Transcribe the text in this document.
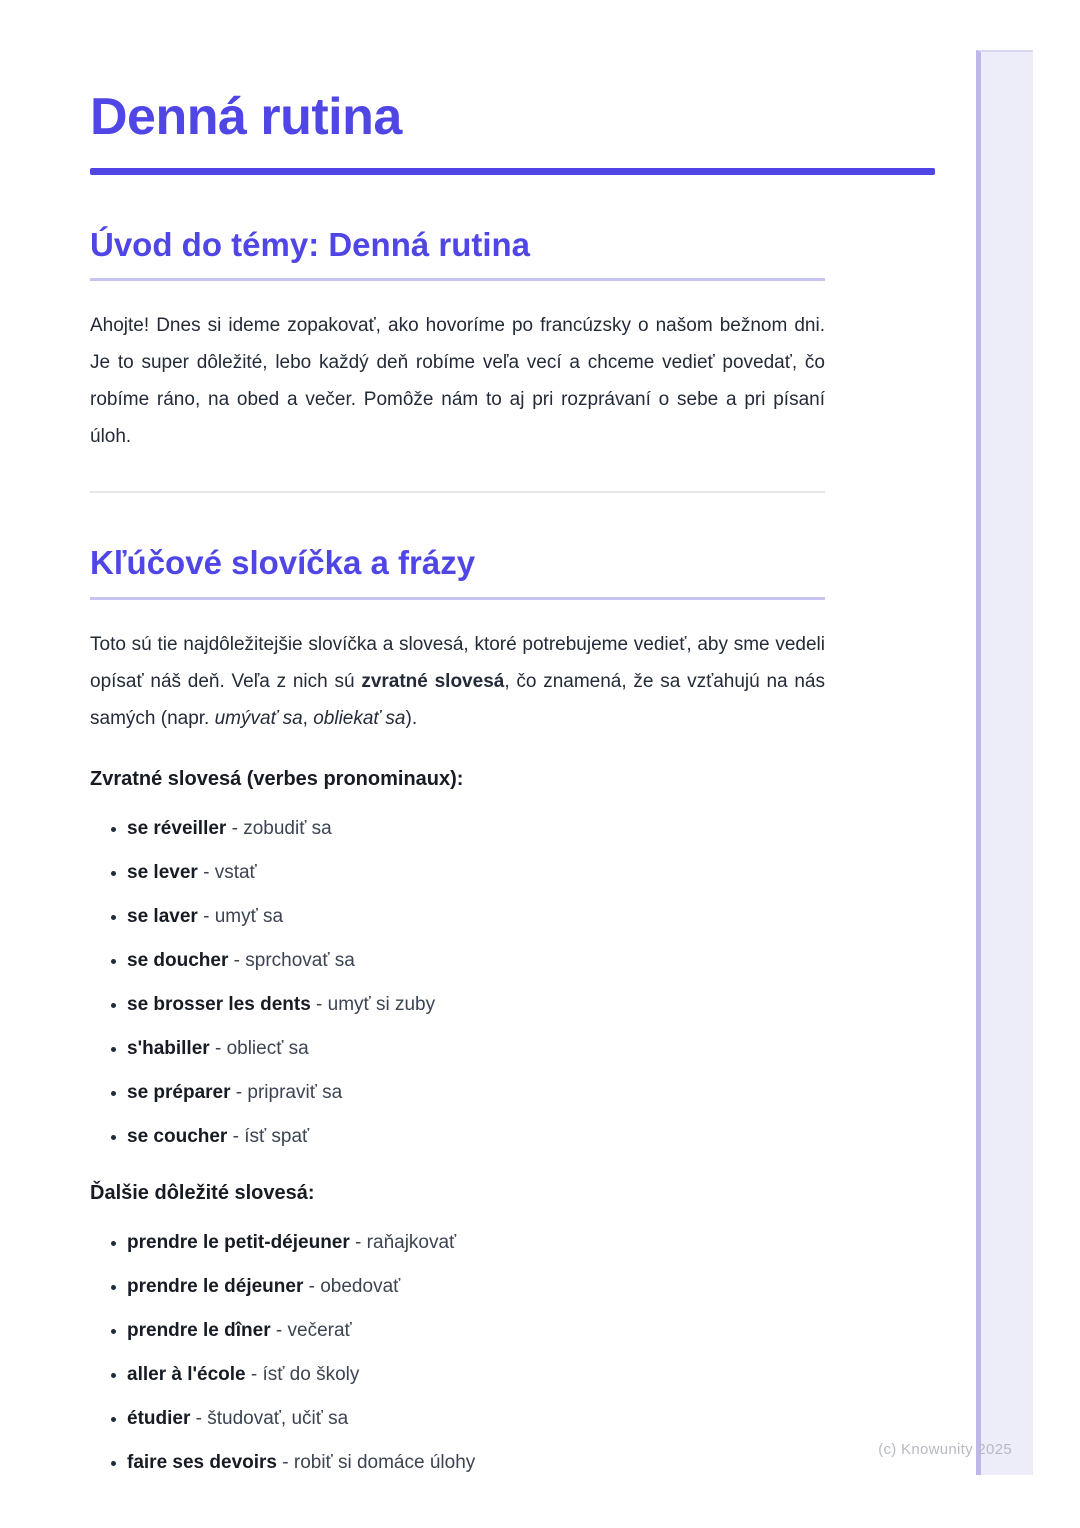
(c) Knowunity 2025
Denná rutina
Úvod do témy: Denná rutina

Ahojte! Dnes si ideme zopakovať, ako hovoríme po francúzsky o našom bežnom dni. Je to super dôležité, lebo každý deň robíme veľa vecí a chceme vedieť povedať, čo robíme ráno, na obed a večer. Pomôže nám to aj pri rozprávaní o sebe a pri písaní úloh.

Kľúčové slovíčka a frázy

Toto sú tie najdôležitejšie slovíčka a slovesá, ktoré potrebujeme vedieť, aby sme vedeli opísať náš deň. Veľa z nich sú zvratné slovesá, čo znamená, že sa vzťahujú na nás samých (napr. umývať sa, obliekať sa).

Zvratné slovesá (verbes pronominaux):
• se réveiller - zobudiť sa
• se lever - vstať
• se laver - umyť sa
• se doucher - sprchovať sa
• se brosser les dents - umyť si zuby
• s'habiller - obliecť sa
• se préparer - pripraviť sa
• se coucher - ísť spať
Ďalšie dôležité slovesá:
• prendre le petit-déjeuner - raňajkovať
• prendre le déjeuner - obedovať
• prendre le dîner - večerať
• aller à l'école - ísť do školy
• étudier - študovať, učiť sa
• faire ses devoirs - robiť si domáce úlohy
